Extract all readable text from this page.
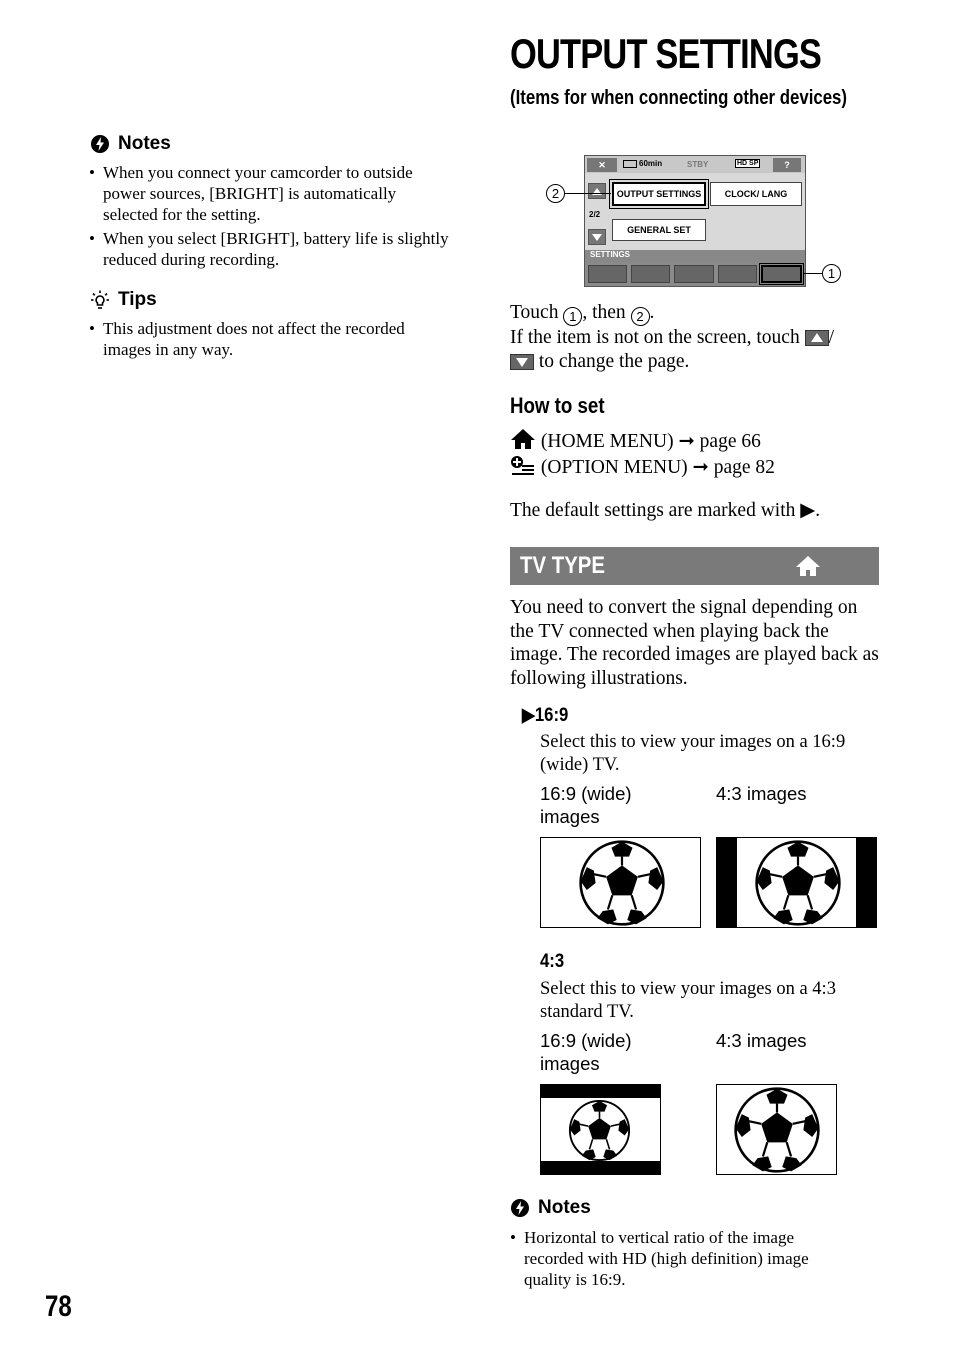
Notes
• When you connect your camcorder to outside power sources, [BRIGHT] is automatically selected for the setting.
• When you select [BRIGHT], battery life is slightly reduced during recording.
Tips
• This adjustment does not affect the recorded images in any way.
OUTPUT SETTINGS
(Items for when connecting other devices)
✕	60min	STBY	HD SP	?
2/2
OUTPUT SETTINGS	CLOCK/ LANG
GENERAL SET
SETTINGS
2
1
Touch 1 , then 2 .
If the item is not on the screen, touch /
to change the page.
How to set
(HOME MENU) ➞ page 66
(OPTION MENU) ➞ page 82
The default settings are marked with ▶.
TV TYPE
You need to convert the signal depending on the TV connected when playing back the image. The recorded images are played back as following illustrations.
▶16:9
Select this to view your images on a 16:9 (wide) TV.
16:9 (wide) images
4:3 images
4:3
Select this to view your images on a 4:3 standard TV.
16:9 (wide) images
4:3 images
Notes
• Horizontal to vertical ratio of the image recorded with HD (high definition) image quality is 16:9.
78
